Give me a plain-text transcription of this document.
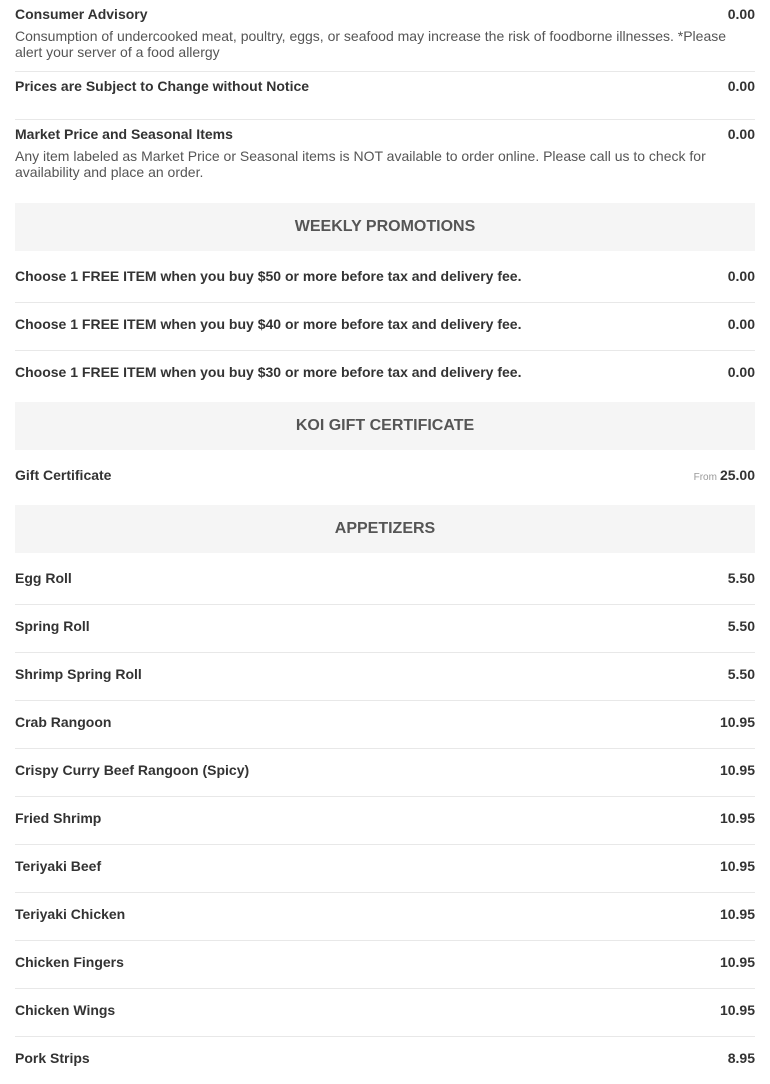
Consumer Advisory	0.00
Consumption of undercooked meat, poultry, eggs, or seafood may increase the risk of foodborne illnesses. *Please alert your server of a food allergy
Prices are Subject to Change without Notice	0.00
Market Price and Seasonal Items	0.00
Any item labeled as Market Price or Seasonal items is NOT available to order online. Please call us to check for availability and place an order.
WEEKLY PROMOTIONS
Choose 1 FREE ITEM when you buy $50 or more before tax and delivery fee.	0.00
Choose 1 FREE ITEM when you buy $40 or more before tax and delivery fee.	0.00
Choose 1 FREE ITEM when you buy $30 or more before tax and delivery fee.	0.00
KOI GIFT CERTIFICATE
Gift Certificate	From 25.00
APPETIZERS
Egg Roll	5.50
Spring Roll	5.50
Shrimp Spring Roll	5.50
Crab Rangoon	10.95
Crispy Curry Beef Rangoon (Spicy)	10.95
Fried Shrimp	10.95
Teriyaki Beef	10.95
Teriyaki Chicken	10.95
Chicken Fingers	10.95
Chicken Wings	10.95
Pork Strips	8.95
